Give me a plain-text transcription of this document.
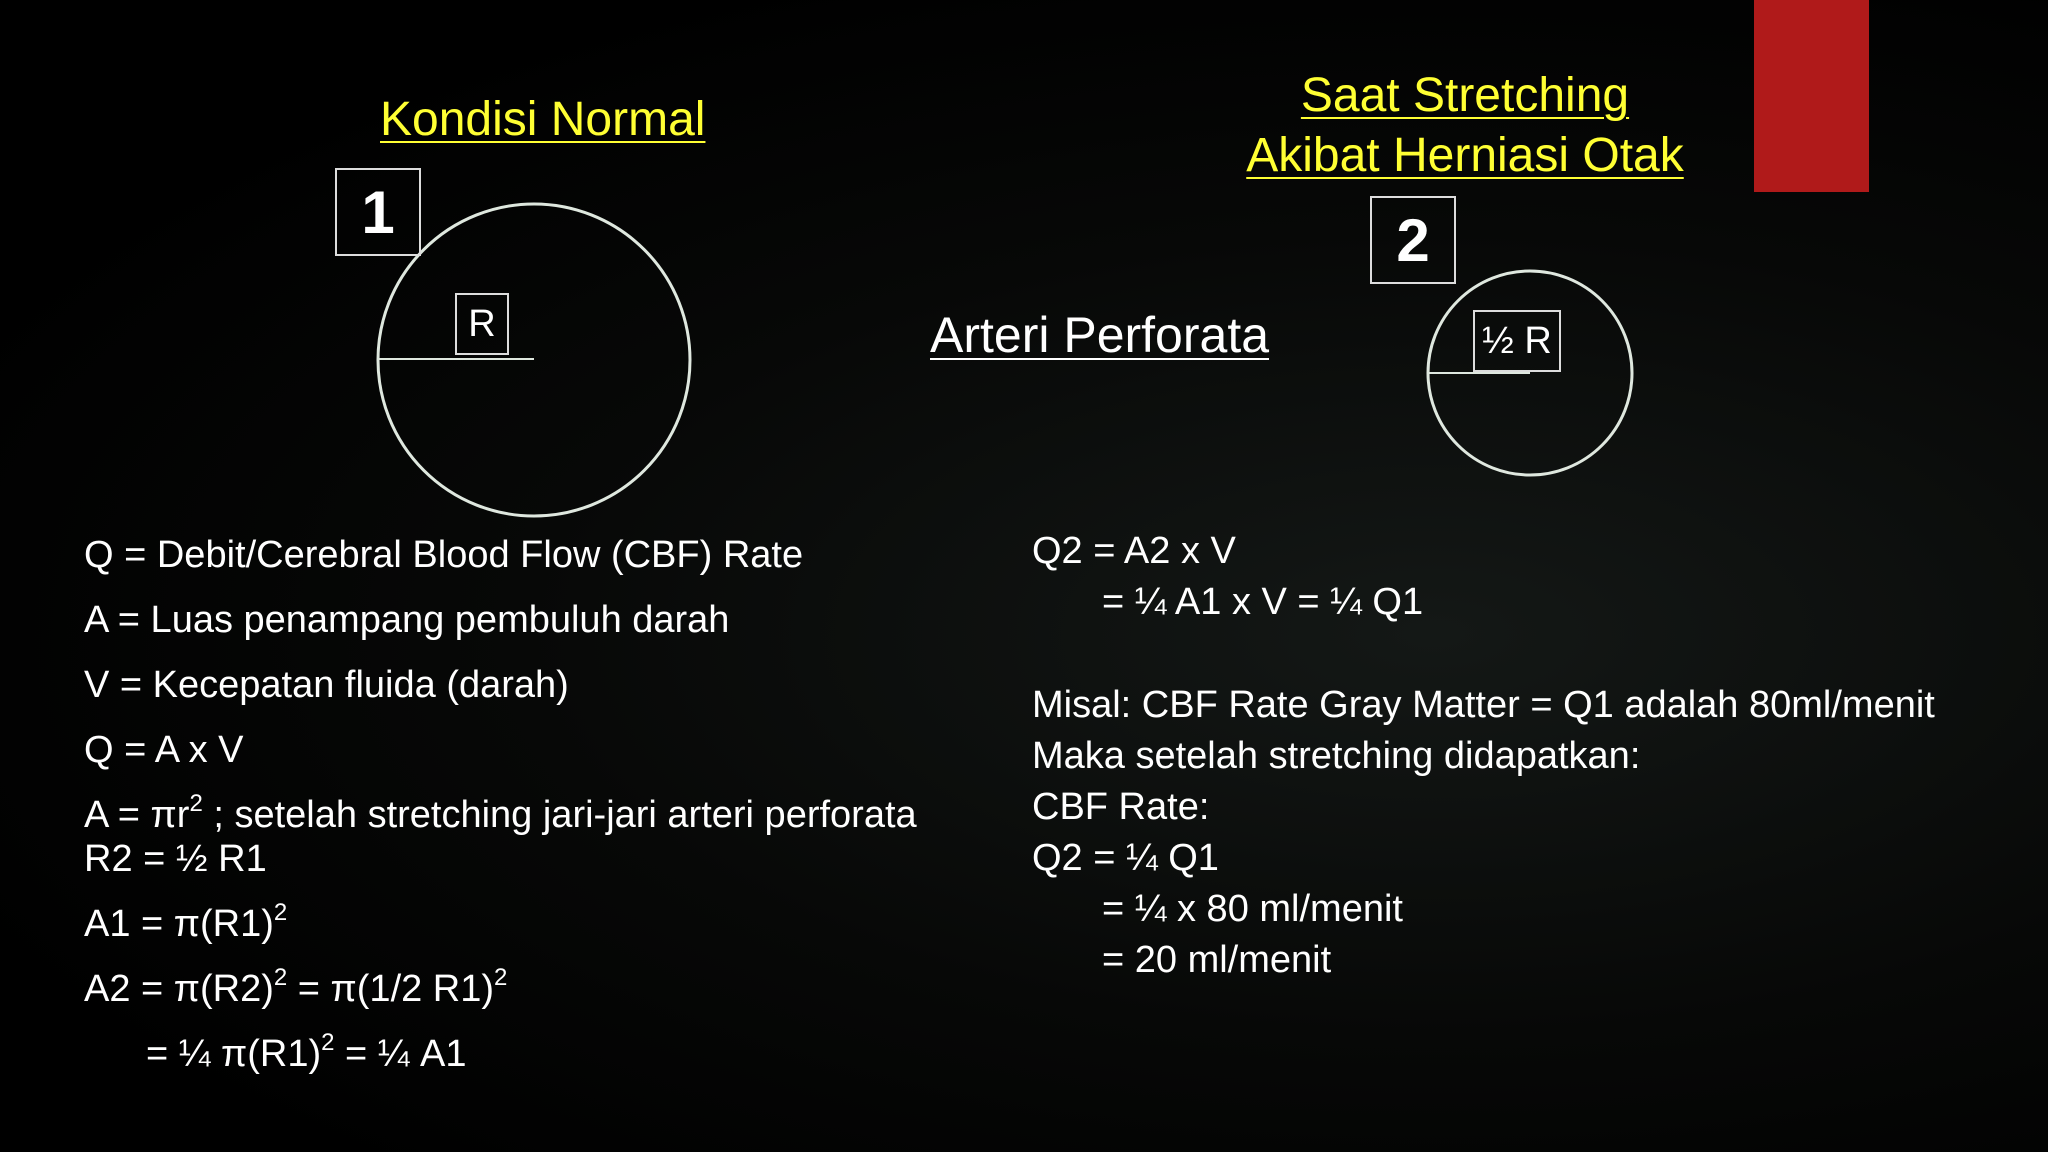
Kondisi Normal
1
R	Arteri Perforata
Saat Stretching
Akibat Herniasi Otak
2
½ R
Q = Debit/Cerebral Blood Flow (CBF) Rate
A = Luas penampang pembuluh darah
V = Kecepatan fluida (darah)
Q = A x V
$A = \pi r^2$ ; setelah stretching jari-jari arteri perforata
R2 = ½ R1
$A1 = \pi(R1)^2$
$A2 = \pi(R2)^2 = \pi(1/2$ R1)$^2$
= ¼ $\pi(R1)^2$ = ¼ A1
Q2 = A2 x V
= ¼ A1 x V = ¼ Q1
Misal: CBF Rate Gray Matter = Q1 adalah 80ml/menit
Maka setelah stretching didapatkan:
CBF Rate:
Q2 = ¼ Q1
= ¼ x 80 ml/menit
= 20 ml/menit
